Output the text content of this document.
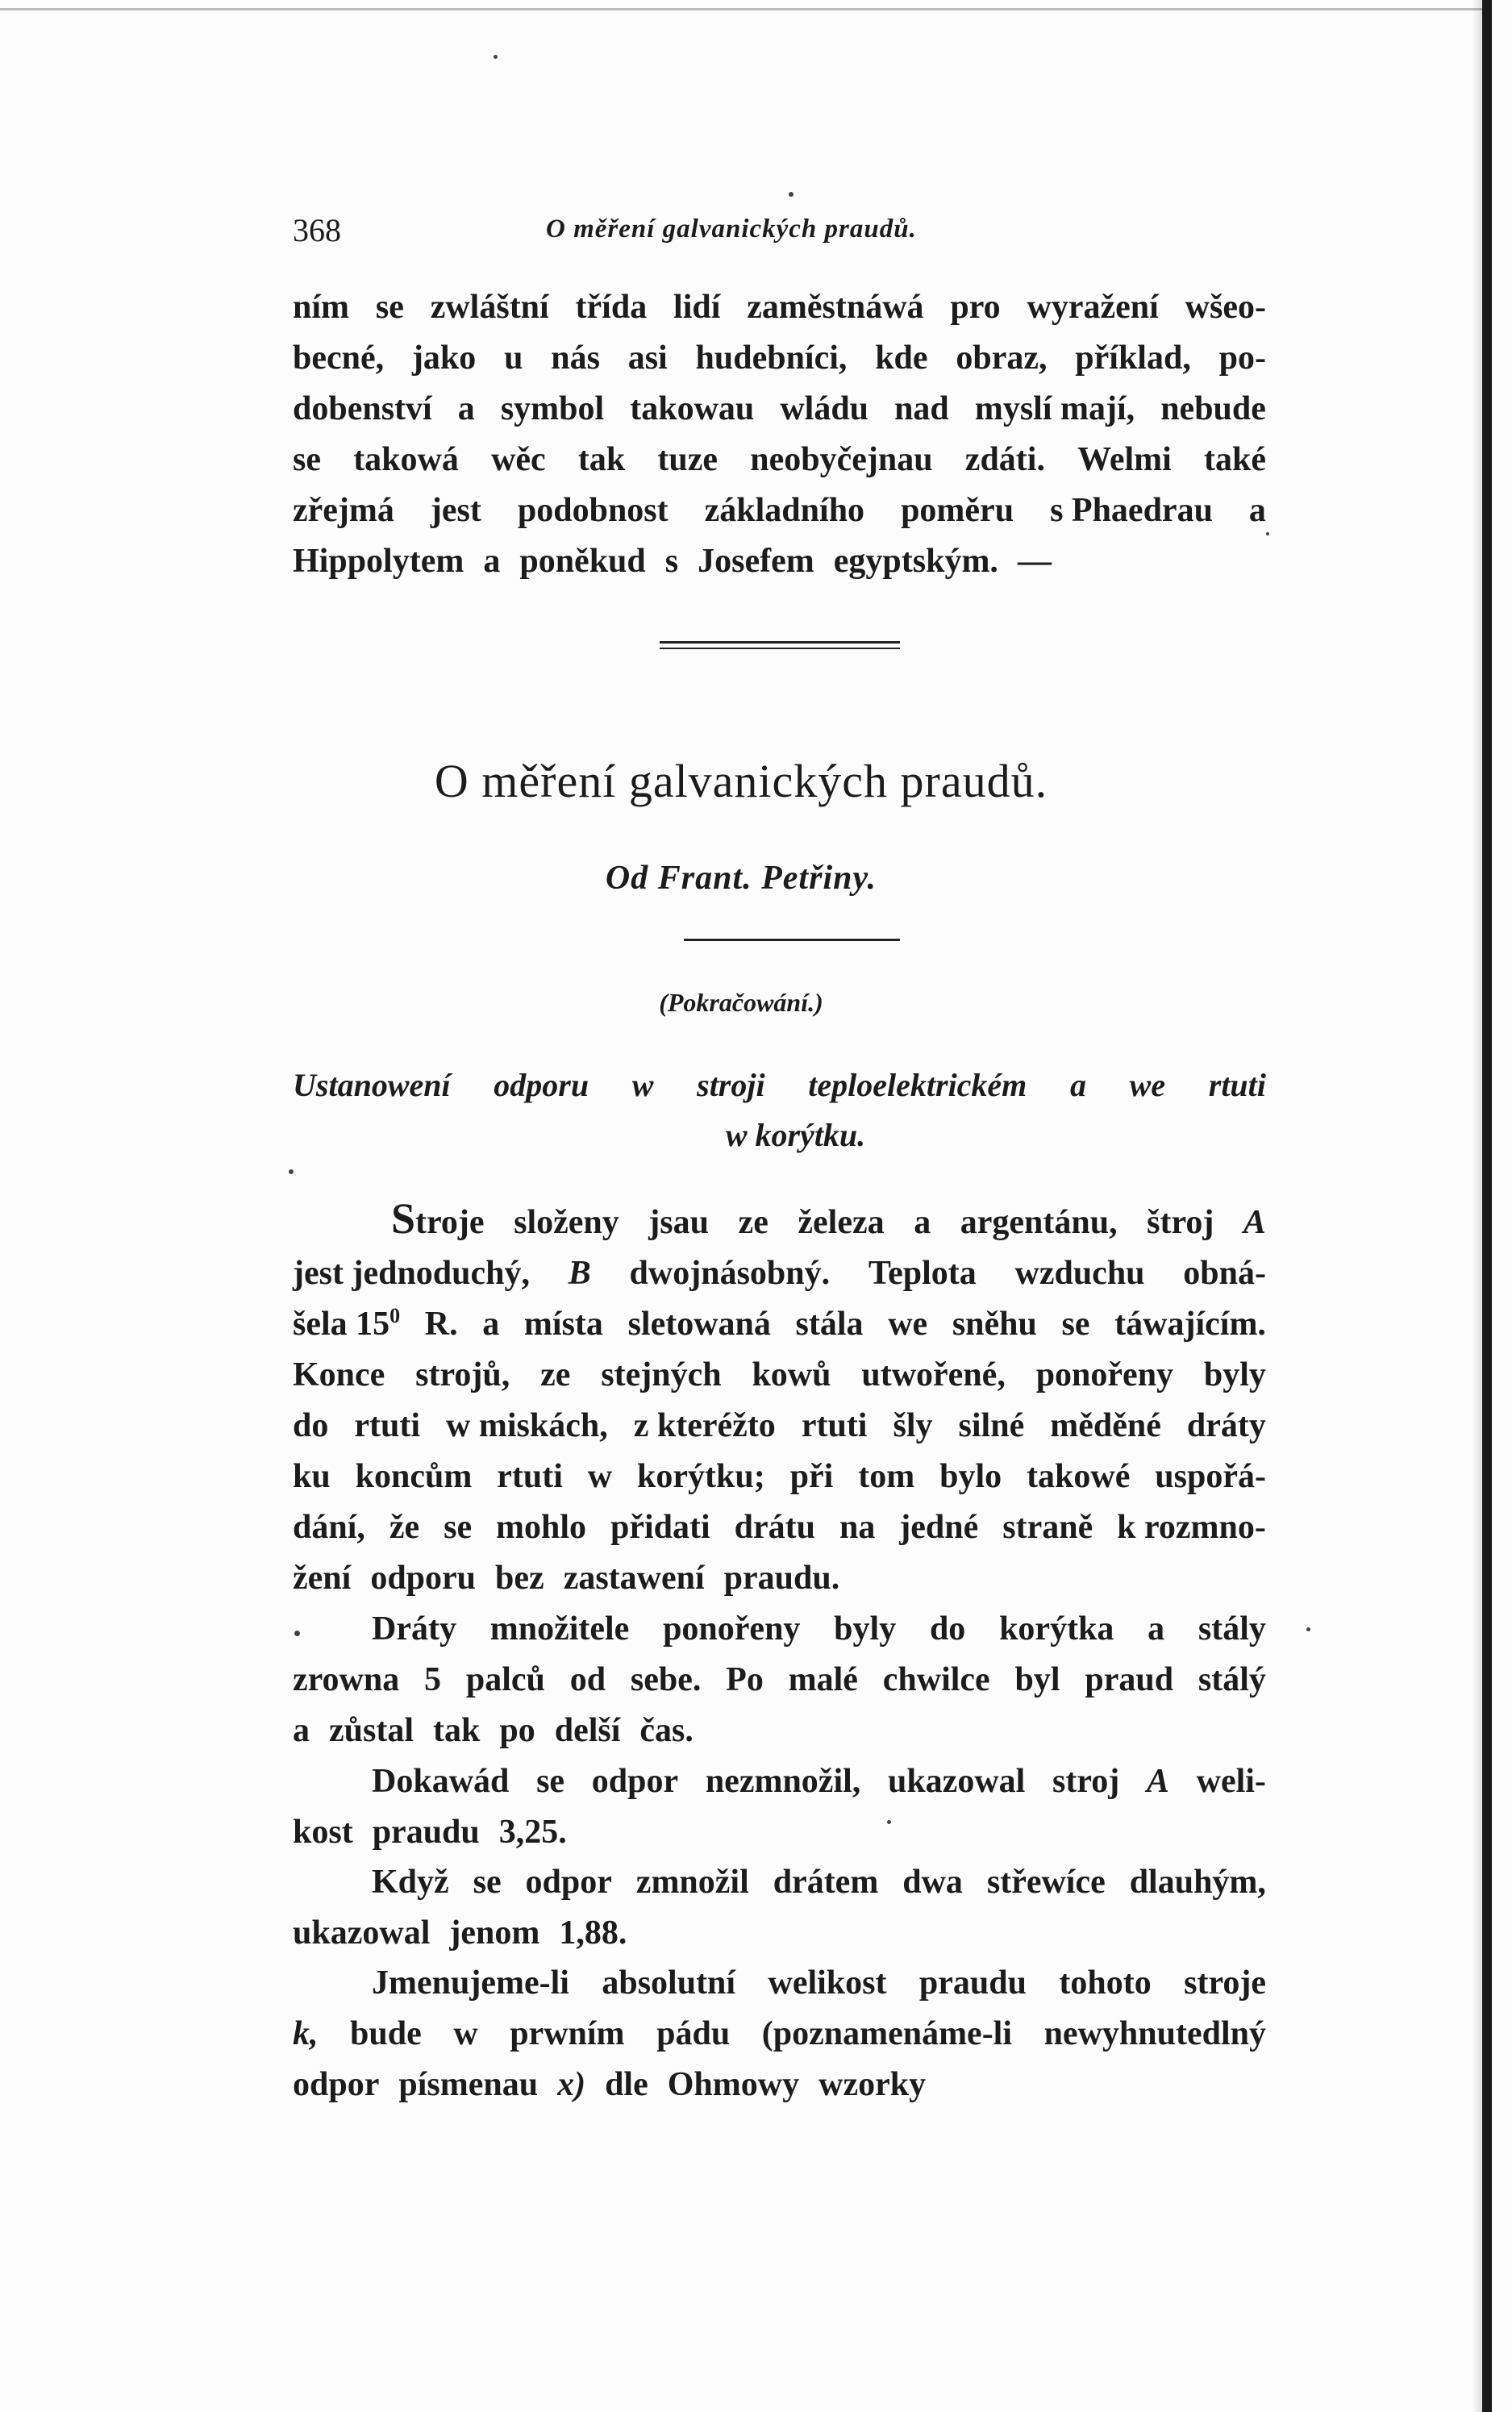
368	O měření galvanických praudů.
ním se zwláštní třída lidí zaměstnáwá pro wyražení wšeo-
becné, jako u nás asi hudebníci, kde obraz, příklad, po-
dobenství a symbol takowau wládu nad myslí mají, nebude
se takowá wěc tak tuze neobyčejnau zdáti. Welmi také
zřejmá jest podobnost základního poměru s Phaedrau a
Hippolytem a poněkud s Josefem egyptským. —
O měření galvanických praudů.
Od Frant. Petřiny.
(Pokračowání.)
Ustanowení odporu w stroji teploelektrickém a we rtuti
w korýtku.
Stroje složeny jsau ze železa a argentánu, štroj A
jest jednoduchý, B dwojnásobný. Teplota wzduchu obná-
šela $15^0$ R. a místa sletowaná stála we sněhu se táwajícím.
Konce strojů, ze stejných kowů utwořené, ponořeny byly
do rtuti w miskách, z kteréžto rtuti šly silné měděné dráty
ku koncům rtuti w korýtku; při tom bylo takowé uspořá-
dání, že se mohlo přidati drátu na jedné straně k rozmno-
žení odporu bez zastawení praudu.
Dráty množitele ponořeny byly do korýtka a stály
zrowna 5 palců od sebe. Po malé chwilce byl praud stálý
a zůstal tak po delší čas.
Dokawád se odpor nezmnožil, ukazowal stroj A weli-
kost praudu 3,25.
Když se odpor zmnožil drátem dwa střewíce dlauhým,
ukazowal jenom 1,88.
Jmenujeme-li absolutní welikost praudu tohoto stroje
k, bude w prwním pádu (poznamenáme-li newyhnutedlný
odpor písmenau x) dle Ohmowy wzorky
